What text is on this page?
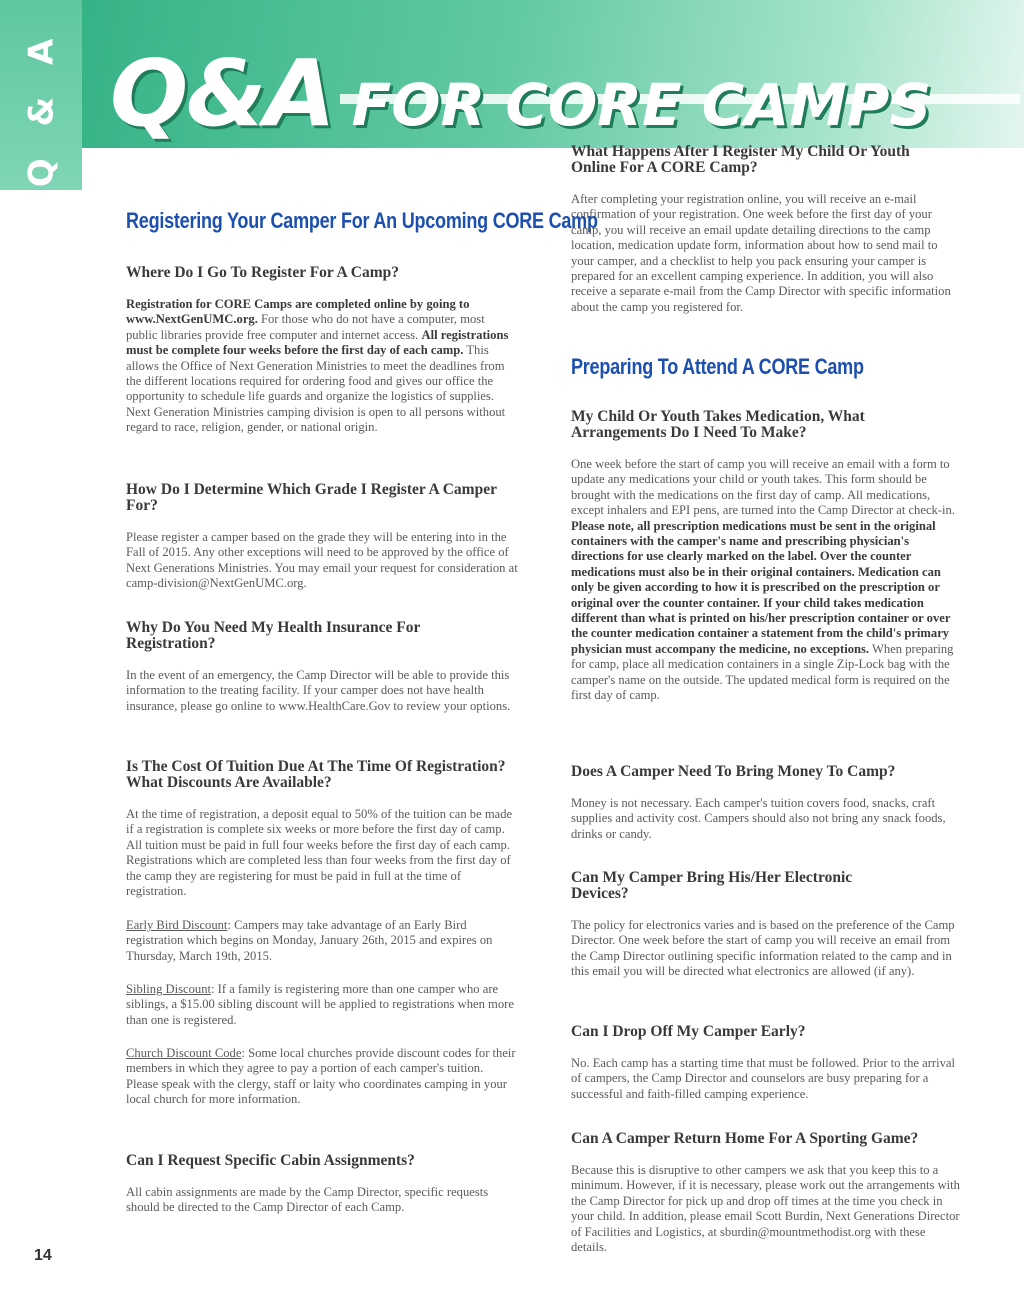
Q & A Q&A FOR CORE CAMPS
Registering Your Camper For An Upcoming CORE Camp

Where Do I Go To Register For A Camp?

Registration for CORE Camps are completed online by going to www.NextGenUMC.org. For those who do not have a computer, most public libraries provide free computer and internet access. All registrations must be complete four weeks before the first day of each camp. This allows the Office of Next Generation Ministries to meet the deadlines from the different locations required for ordering food and gives our office the opportunity to schedule life guards and organize the logistics of supplies. Next Generation Ministries camping division is open to all persons without regard to race, religion, gender, or national origin.

How Do I Determine Which Grade I Register A Camper For?

Please register a camper based on the grade they will be entering into in the Fall of 2015. Any other exceptions will need to be approved by the office of Next Generations Ministries. You may email your request for consideration at camp-division@NextGenUMC.org.

Why Do You Need My Health Insurance For Registration?

In the event of an emergency, the Camp Director will be able to provide this information to the treating facility. If your camper does not have health insurance, please go online to www.HealthCare.Gov to review your options.

Is The Cost Of Tuition Due At The Time Of Registration? What Discounts Are Available?

At the time of registration, a deposit equal to 50% of the tuition can be made if a registration is complete six weeks or more before the first day of camp. All tuition must be paid in full four weeks before the first day of each camp. Registrations which are completed less than four weeks from the first day of the camp they are registering for must be paid in full at the time of registration.

Early Bird Discount: Campers may take advantage of an Early Bird registration which begins on Monday, January 26th, 2015 and expires on Thursday, March 19th, 2015.

Sibling Discount: If a family is registering more than one camper who are siblings, a $15.00 sibling discount will be applied to registrations when more than one is registered.

Church Discount Code: Some local churches provide discount codes for their members in which they agree to pay a portion of each camper's tuition. Please speak with the clergy, staff or laity who coordinates camping in your local church for more information.

Can I Request Specific Cabin Assignments?

All cabin assignments are made by the Camp Director, specific requests should be directed to the Camp Director of each Camp.

What Happens After I Register My Child Or Youth Online For A CORE Camp?

After completing your registration online, you will receive an e-mail confirmation of your registration. One week before the first day of your camp, you will receive an email update detailing directions to the camp location, medication update form, information about how to send mail to your camper, and a checklist to help you pack ensuring your camper is prepared for an excellent camping experience. In addition, you will also receive a separate e-mail from the Camp Director with specific information about the camp you registered for.

Preparing To Attend A CORE Camp

My Child Or Youth Takes Medication, What Arrangements Do I Need To Make?

One week before the start of camp you will receive an email with a form to update any medications your child or youth takes. This form should be brought with the medications on the first day of camp. All medications, except inhalers and EPI pens, are turned into the Camp Director at check-in. Please note, all prescription medications must be sent in the original containers with the camper's name and prescribing physician's directions for use clearly marked on the label. Over the counter medications must also be in their original containers. Medication can only be given according to how it is prescribed on the prescription or original over the counter container. If your child takes medication different than what is printed on his/her prescription container or over the counter medication container a statement from the child's primary physician must accompany the medicine, no exceptions. When preparing for camp, place all medication containers in a single Zip-Lock bag with the camper's name on the outside. The updated medical form is required on the first day of camp.

Does A Camper Need To Bring Money To Camp?

Money is not necessary. Each camper's tuition covers food, snacks, craft supplies and activity cost. Campers should also not bring any snack foods, drinks or candy.

Can My Camper Bring His/Her Electronic Devices?

The policy for electronics varies and is based on the preference of the Camp Director. One week before the start of camp you will receive an email from the Camp Director outlining specific information related to the camp and in this email you will be directed what electronics are allowed (if any).

Can I Drop Off My Camper Early?

No. Each camp has a starting time that must be followed. Prior to the arrival of campers, the Camp Director and counselors are busy preparing for a successful and faith-filled camping experience.

Can A Camper Return Home For A Sporting Game?

Because this is disruptive to other campers we ask that you keep this to a minimum. However, if it is necessary, please work out the arrangements with the Camp Director for pick up and drop off times at the time you check in your child. In addition, please email Scott Burdin, Next Generations Director of Facilities and Logistics, at sburdin@mountmethodist.org with these details.

14
